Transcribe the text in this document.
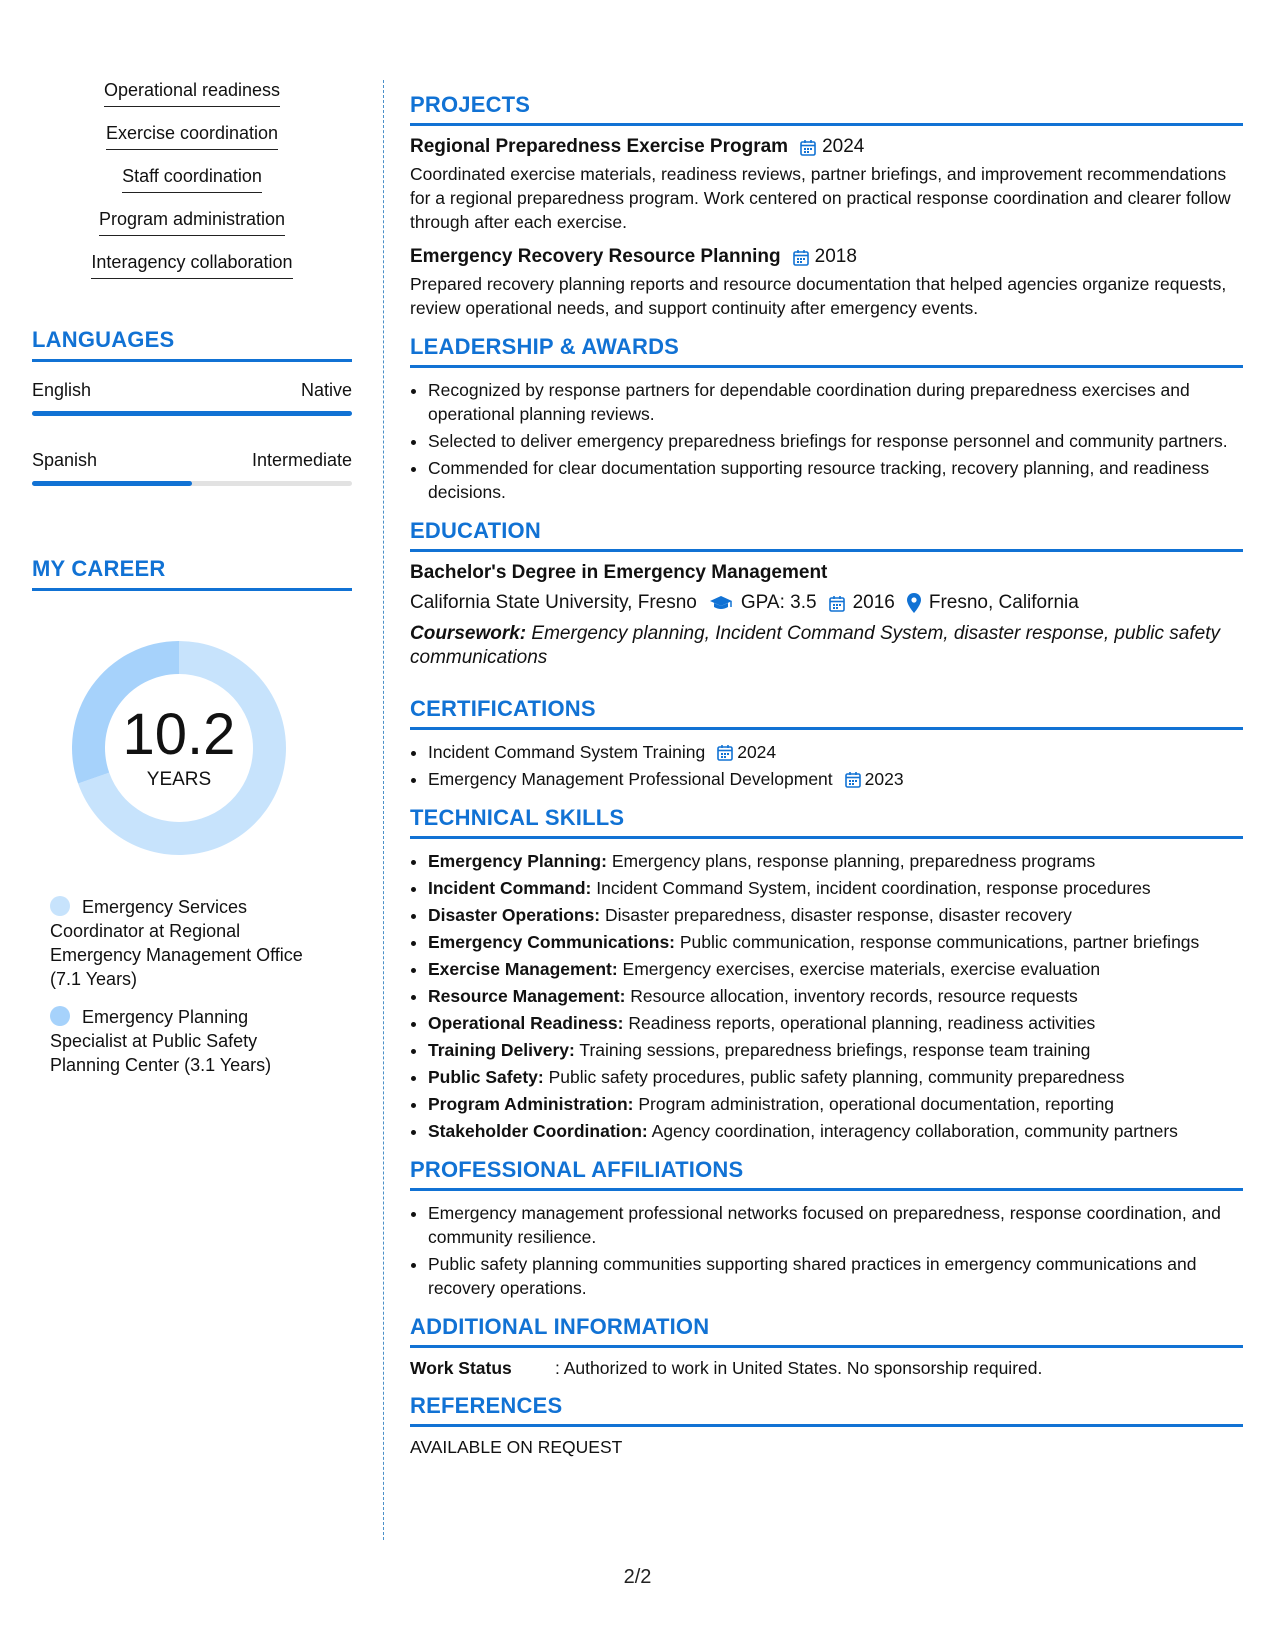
Operational readiness
Exercise coordination
Staff coordination
Program administration
Interagency collaboration
LANGUAGES
English	Native
Spanish	Intermediate
MY CAREER
10.2
YEARS
Emergency Services Coordinator at Regional Emergency Management Office (7.1 Years)
Emergency Planning Specialist at Public Safety Planning Center (3.1 Years)
PROJECTS
Regional Preparedness Exercise Program 2024
Coordinated exercise materials, readiness reviews, partner briefings, and improvement recommendations for a regional preparedness program. Work centered on practical response coordination and clearer follow through after each exercise.
Emergency Recovery Resource Planning 2018
Prepared recovery planning reports and resource documentation that helped agencies organize requests, review operational needs, and support continuity after emergency events.
LEADERSHIP & AWARDS
• Recognized by response partners for dependable coordination during preparedness exercises and operational planning reviews.
• Selected to deliver emergency preparedness briefings for response personnel and community partners.
• Commended for clear documentation supporting resource tracking, recovery planning, and readiness decisions.
EDUCATION
Bachelor's Degree in Emergency Management
California State University, Fresno GPA: 3.5 2016 Fresno, California
Coursework: Emergency planning, Incident Command System, disaster response, public safety communications
CERTIFICATIONS
• Incident Command System Training 2024
• Emergency Management Professional Development 2023
TECHNICAL SKILLS
• Emergency Planning: Emergency plans, response planning, preparedness programs
• Incident Command: Incident Command System, incident coordination, response procedures
• Disaster Operations: Disaster preparedness, disaster response, disaster recovery
• Emergency Communications: Public communication, response communications, partner briefings
• Exercise Management: Emergency exercises, exercise materials, exercise evaluation
• Resource Management: Resource allocation, inventory records, resource requests
• Operational Readiness: Readiness reports, operational planning, readiness activities
• Training Delivery: Training sessions, preparedness briefings, response team training
• Public Safety: Public safety procedures, public safety planning, community preparedness
• Program Administration: Program administration, operational documentation, reporting
• Stakeholder Coordination: Agency coordination, interagency collaboration, community partners
PROFESSIONAL AFFILIATIONS
• Emergency management professional networks focused on preparedness, response coordination, and community resilience.
• Public safety planning communities supporting shared practices in emergency communications and recovery operations.
ADDITIONAL INFORMATION
Work Status	: Authorized to work in United States. No sponsorship required.
REFERENCES
AVAILABLE ON REQUEST
2/2
